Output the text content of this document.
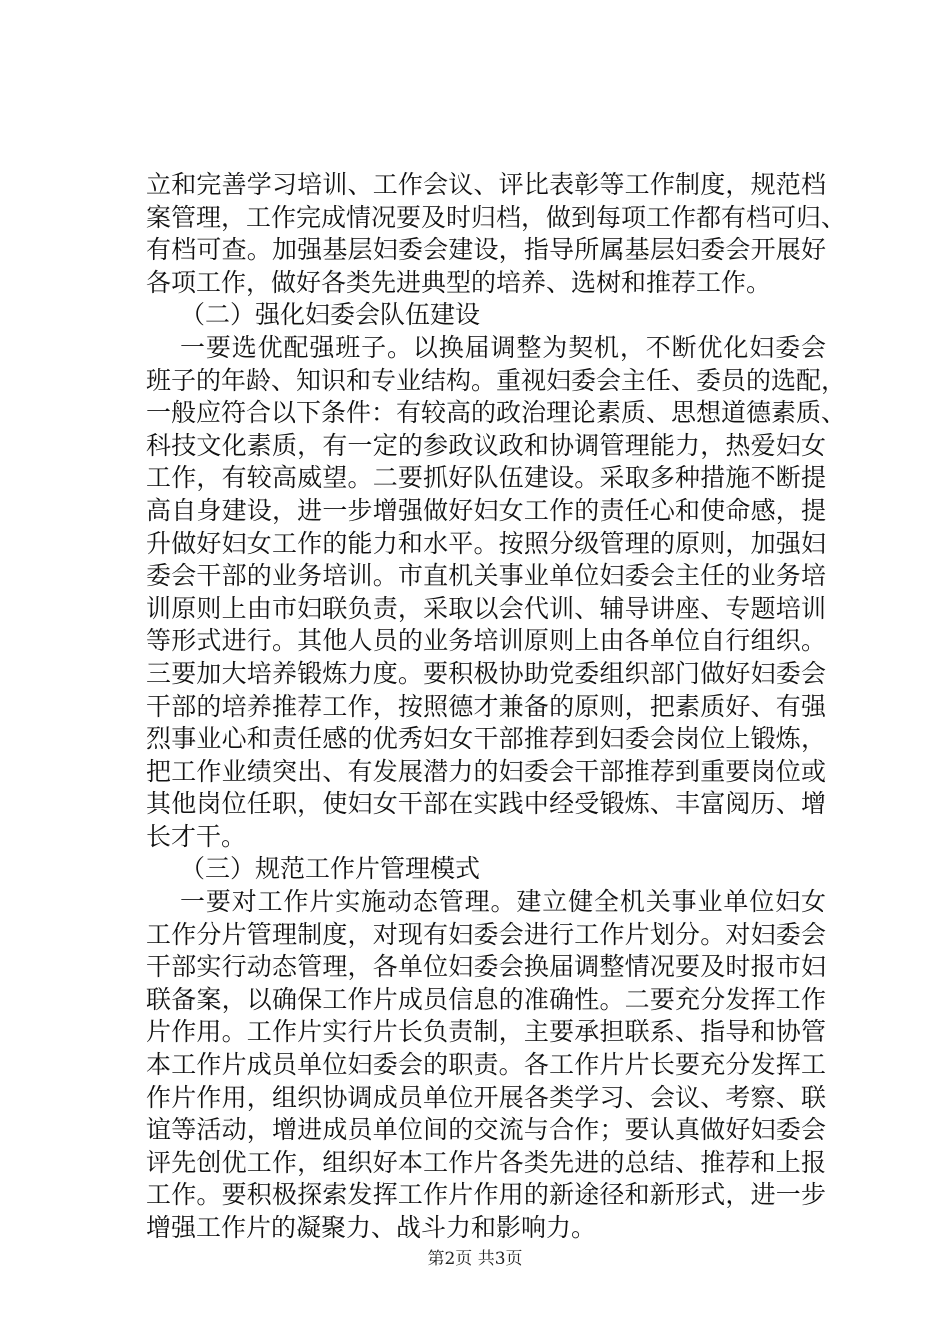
立和完善学习培训、工作会议、评比表彰等工作制度，规范档
案管理，工作完成情况要及时归档，做到每项工作都有档可归、
有档可查。加强基层妇委会建设，指导所属基层妇委会开展好
各项工作，做好各类先进典型的培养、选树和推荐工作。
（二）强化妇委会队伍建设
一要选优配强班子。以换届调整为契机，不断优化妇委会
班子的年龄、知识和专业结构。重视妇委会主任、委员的选配，
一般应符合以下条件：有较高的政治理论素质、思想道德素质、
科技文化素质，有一定的参政议政和协调管理能力，热爱妇女
工作，有较高威望。二要抓好队伍建设。采取多种措施不断提
高自身建设，进一步增强做好妇女工作的责任心和使命感，提
升做好妇女工作的能力和水平。按照分级管理的原则，加强妇
委会干部的业务培训。市直机关事业单位妇委会主任的业务培
训原则上由市妇联负责，采取以会代训、辅导讲座、专题培训
等形式进行。其他人员的业务培训原则上由各单位自行组织。
三要加大培养锻炼力度。要积极协助党委组织部门做好妇委会
干部的培养推荐工作，按照德才兼备的原则，把素质好、有强
烈事业心和责任感的优秀妇女干部推荐到妇委会岗位上锻炼，
把工作业绩突出、有发展潜力的妇委会干部推荐到重要岗位或
其他岗位任职，使妇女干部在实践中经受锻炼、丰富阅历、增
长才干。
（三）规范工作片管理模式
一要对工作片实施动态管理。建立健全机关事业单位妇女
工作分片管理制度，对现有妇委会进行工作片划分。对妇委会
干部实行动态管理，各单位妇委会换届调整情况要及时报市妇
联备案，以确保工作片成员信息的准确性。二要充分发挥工作
片作用。工作片实行片长负责制，主要承担联系、指导和协管
本工作片成员单位妇委会的职责。各工作片片长要充分发挥工
作片作用，组织协调成员单位开展各类学习、会议、考察、联
谊等活动，增进成员单位间的交流与合作；要认真做好妇委会
评先创优工作，组织好本工作片各类先进的总结、推荐和上报
工作。要积极探索发挥工作片作用的新途径和新形式，进一步
增强工作片的凝聚力、战斗力和影响力。
第2页 共3页
